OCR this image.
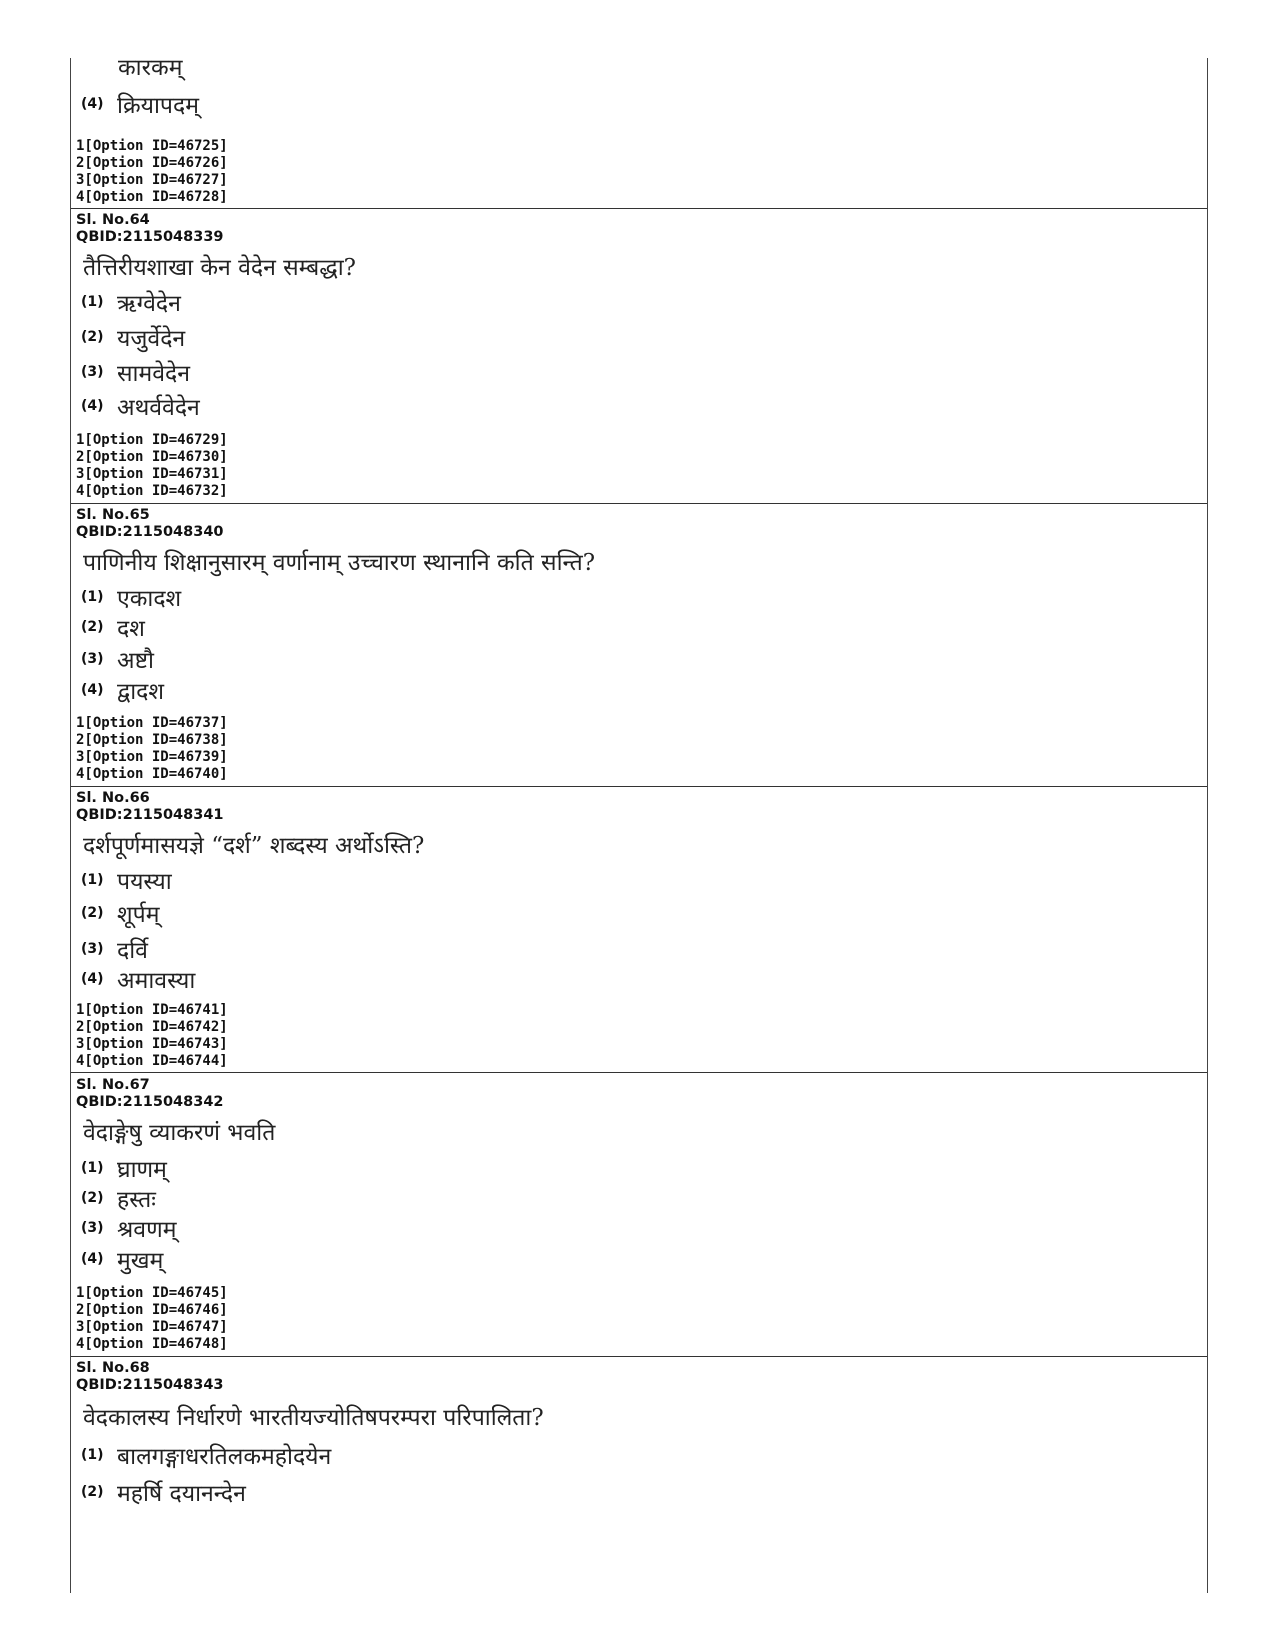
कारकम्
(4) क्रियापदम्
1[Option ID=46725]
2[Option ID=46726]
3[Option ID=46727]
4[Option ID=46728]
Sl. No.64
QBID:2115048339
तैत्तिरीयशाखा केन वेदेन सम्बद्धा?
(1) ऋग्वेदेन
(2) यजुर्वेदेन
(3) सामवेदेन
(4) अथर्ववेदेन
1[Option ID=46729]
2[Option ID=46730]
3[Option ID=46731]
4[Option ID=46732]
Sl. No.65
QBID:2115048340
पाणिनीय शिक्षानुसारम् वर्णानाम् उच्चारण स्थानानि कति सन्ति?
(1) एकादश
(2) दश
(3) अष्टौ
(4) द्वादश
1[Option ID=46737]
2[Option ID=46738]
3[Option ID=46739]
4[Option ID=46740]
Sl. No.66
QBID:2115048341
दर्शपूर्णमासयज्ञे “दर्श” शब्दस्य अर्थोऽस्ति?
(1) पयस्या
(2) शूर्पम्
(3) दर्वि
(4) अमावस्या
1[Option ID=46741]
2[Option ID=46742]
3[Option ID=46743]
4[Option ID=46744]
Sl. No.67
QBID:2115048342
वेदाङ्गेषु व्याकरणं भवति
(1) घ्राणम्
(2) हस्तः
(3) श्रवणम्
(4) मुखम्
1[Option ID=46745]
2[Option ID=46746]
3[Option ID=46747]
4[Option ID=46748]
Sl. No.68
QBID:2115048343
वेदकालस्य निर्धारणे भारतीयज्योतिषपरम्परा परिपालिता?
(1) बालगङ्गाधरतिलकमहोदयेन
(2) महर्षि दयानन्देन
